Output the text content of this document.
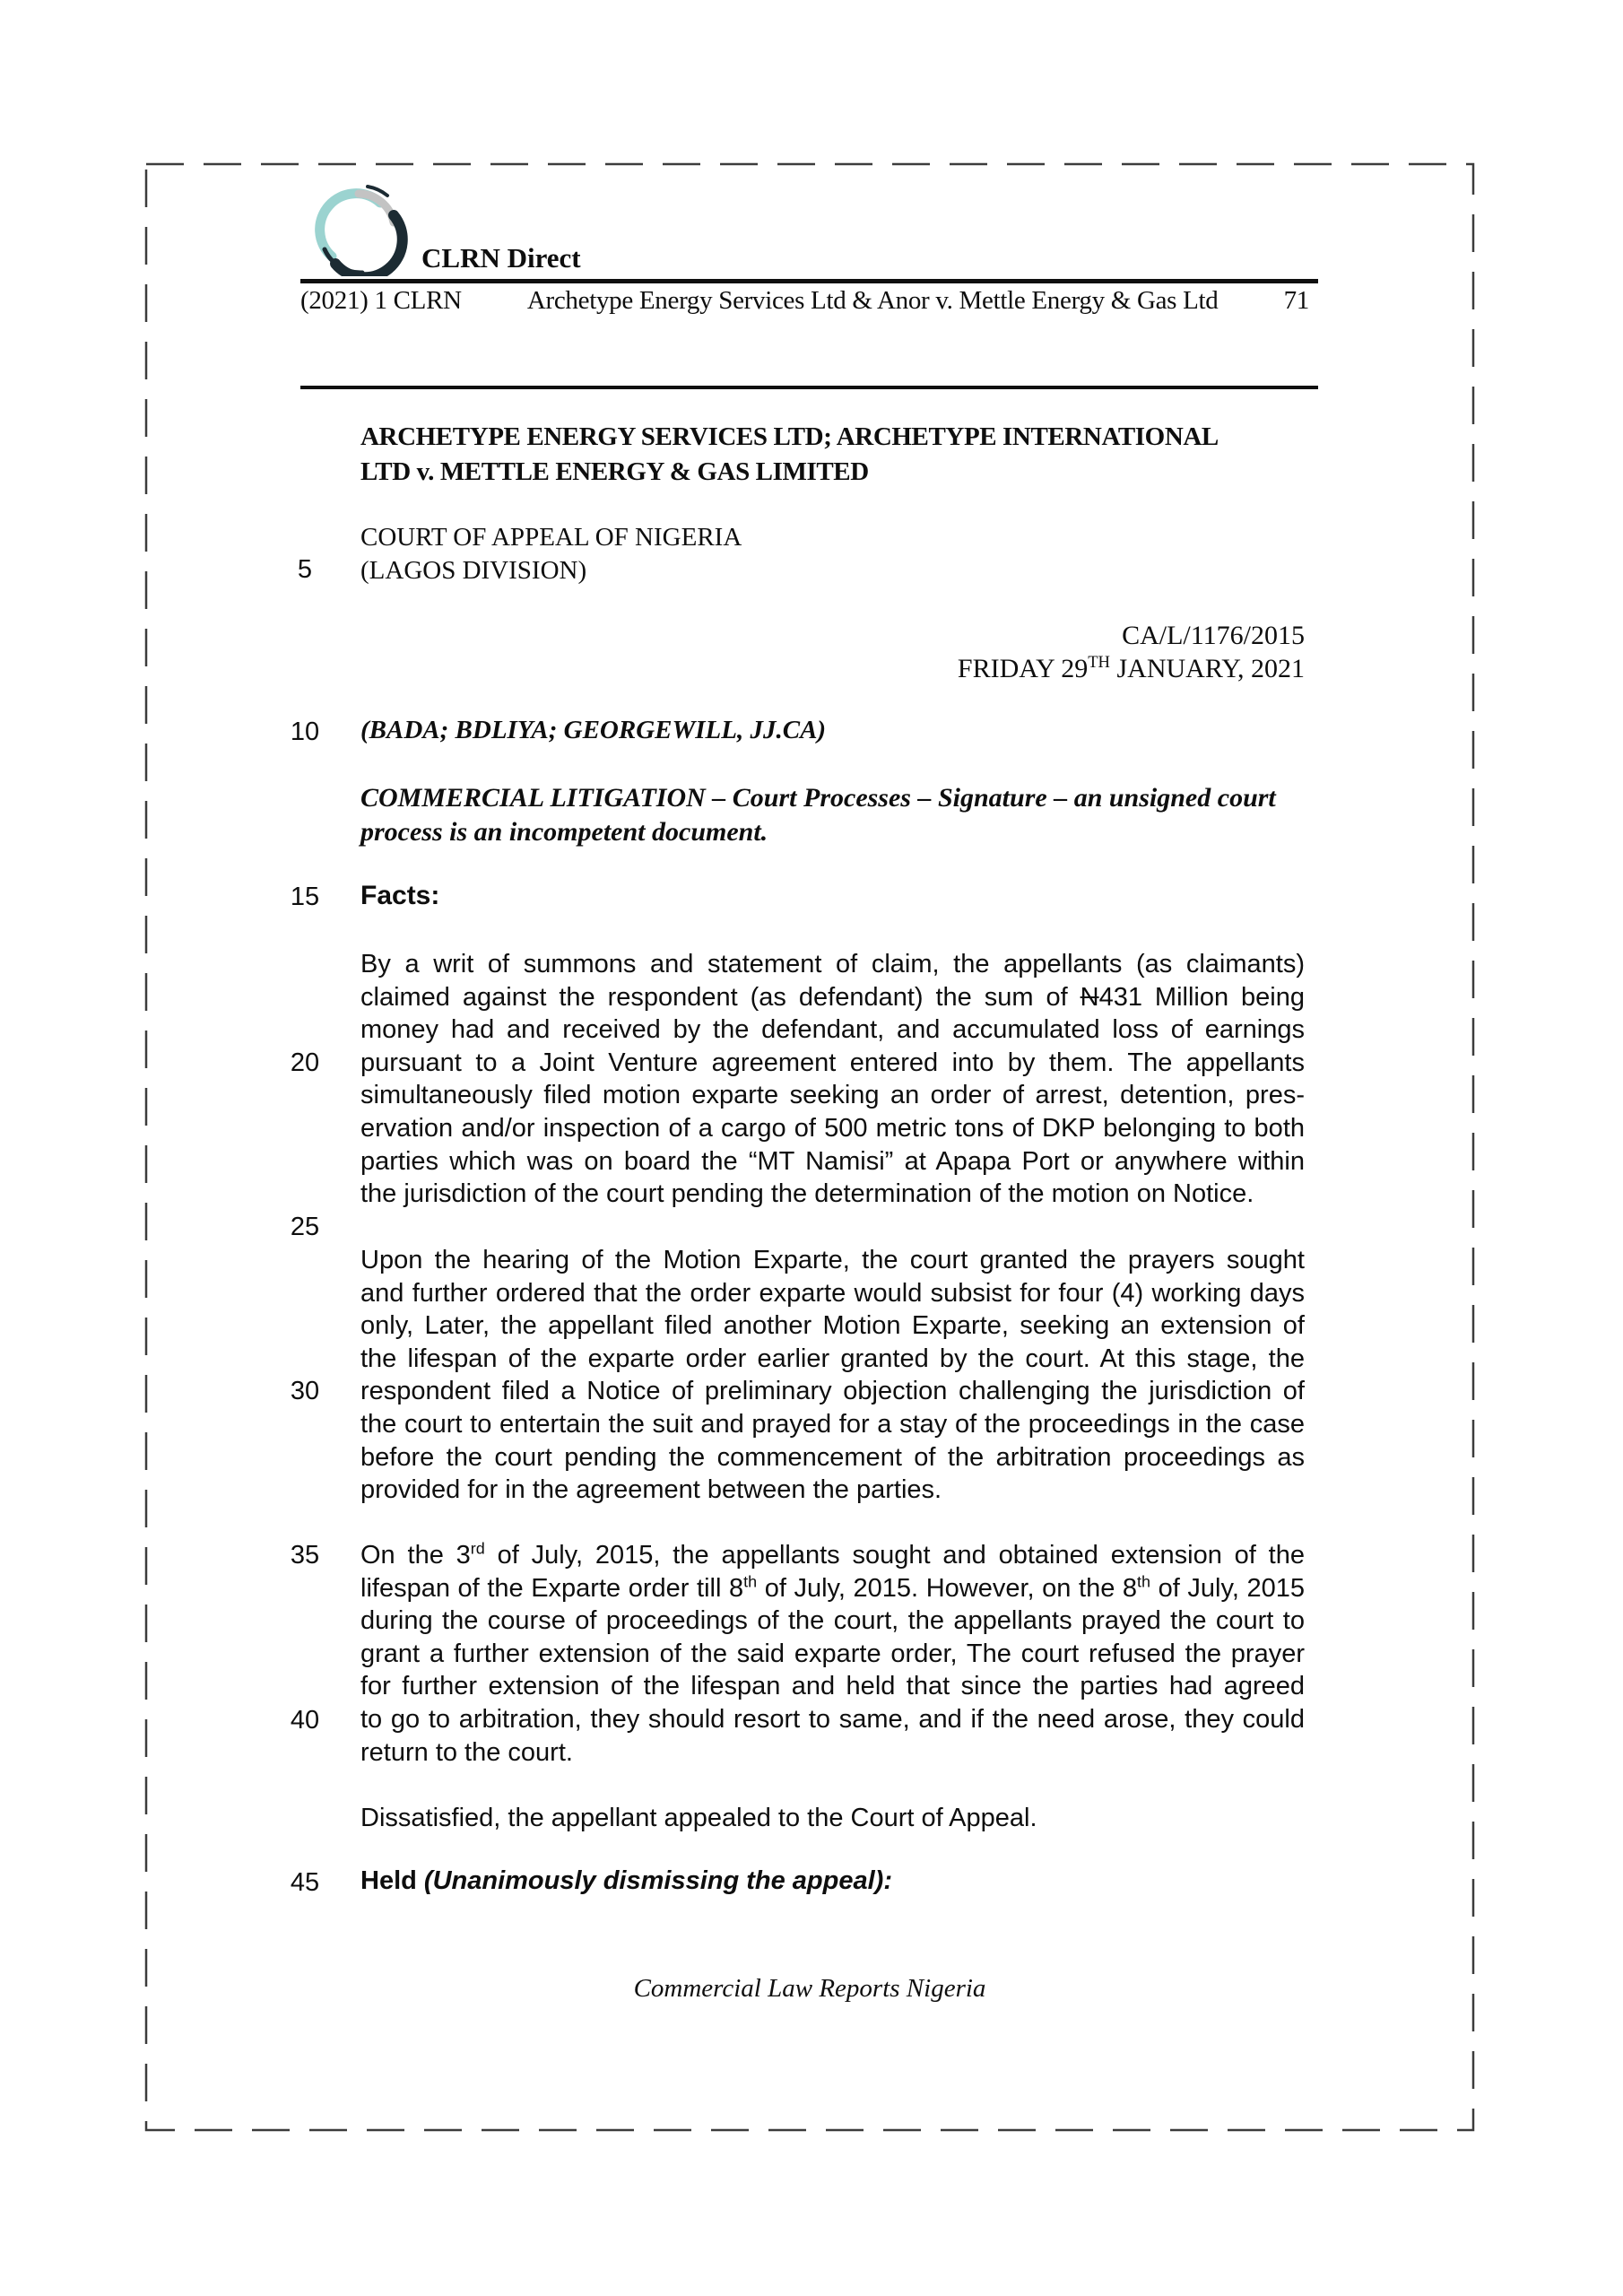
CLRN Direct
(2021) 1 CLRN	Archetype Energy Services Ltd & Anor v. Mettle Energy & Gas Ltd	71
5
10
15
20
25
30
35
40
45
ARCHETYPE ENERGY SERVICES LTD; ARCHETYPE INTERNATIONAL
LTD v. METTLE ENERGY & GAS LIMITED
COURT OF APPEAL OF NIGERIA
(LAGOS DIVISION)
CA/L/1176/2015
FRIDAY 29TH JANUARY, 2021
(BADA; BDLIYA; GEORGEWILL, JJ.CA)
COMMERCIAL LITIGATION – Court Processes – Signature – an unsigned court
process is an incompetent document.
Facts:
By a writ of summons and statement of claim, the appellants (as claimants)
claimed against the respondent (as defendant) the sum of N431 Million being
money had and received by the defendant, and accumulated loss of earnings
pursuant to a Joint Venture agreement entered into by them. The appellants
simultaneously filed motion exparte seeking an order of arrest, detention, pres-
ervation and/or inspection of a cargo of 500 metric tons of DKP belonging to both
parties which was on board the “MT Namisi” at Apapa Port or anywhere within
the jurisdiction of the court pending the determination of the motion on Notice.
Upon the hearing of the Motion Exparte, the court granted the prayers sought
and further ordered that the order exparte would subsist for four (4) working days
only, Later, the appellant filed another Motion Exparte, seeking an extension of
the lifespan of the exparte order earlier granted by the court. At this stage, the
respondent filed a Notice of preliminary objection challenging the jurisdiction of
the court to entertain the suit and prayed for a stay of the proceedings in the case
before the court pending the commencement of the arbitration proceedings as
provided for in the agreement between the parties.
On the 3rd of July, 2015, the appellants sought and obtained extension of the
lifespan of the Exparte order till 8th of July, 2015. However, on the 8th of July, 2015
during the course of proceedings of the court, the appellants prayed the court to
grant a further extension of the said exparte order, The court refused the prayer
for further extension of the lifespan and held that since the parties had agreed
to go to arbitration, they should resort to same, and if the need arose, they could
return to the court.
Dissatisfied, the appellant appealed to the Court of Appeal.
Held (Unanimously dismissing the appeal):
Commercial Law Reports Nigeria
